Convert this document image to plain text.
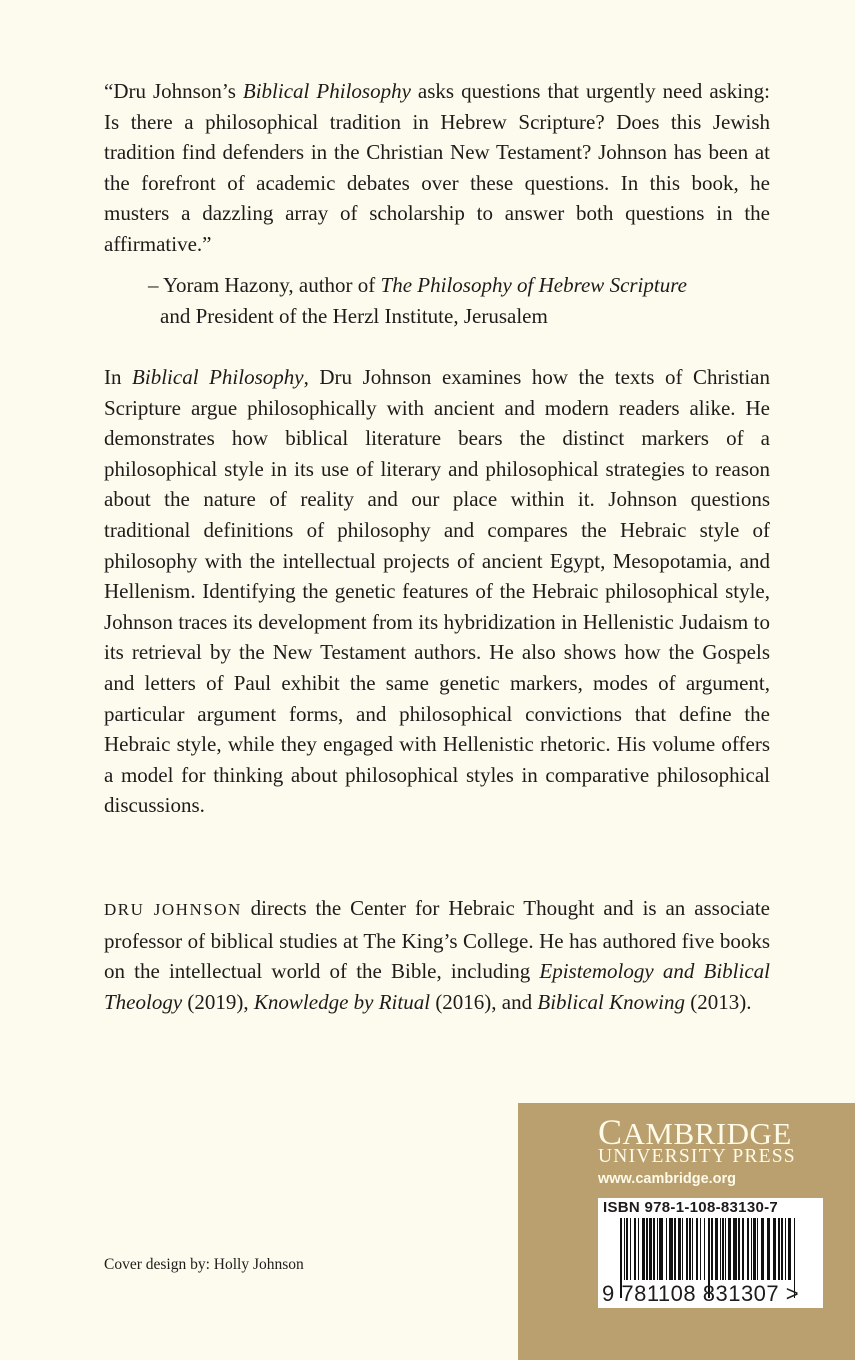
“Dru Johnson’s Biblical Philosophy asks questions that urgently need asking: Is there a philosophical tradition in Hebrew Scripture? Does this Jewish tradition find defenders in the Christian New Testament? Johnson has been at the forefront of academic debates over these questions. In this book, he musters a dazzling array of scholarship to answer both questions in the affirmative.”

– Yoram Hazony, author of The Philosophy of Hebrew Scripture
and President of the Herzl Institute, Jerusalem

In Biblical Philosophy, Dru Johnson examines how the texts of Christian Scripture argue philosophically with ancient and modern readers alike. He demonstrates how biblical literature bears the distinct markers of a philosophical style in its use of literary and philosophical strategies to reason about the nature of reality and our place within it. Johnson questions traditional definitions of philosophy and compares the Hebraic style of philosophy with the intellectual projects of ancient Egypt, Mesopotamia, and Hellenism. Identifying the genetic features of the Hebraic philosophical style, Johnson traces its development from its hybridization in Hellenistic Judaism to its retrieval by the New Testament authors. He also shows how the Gospels and letters of Paul exhibit the same genetic markers, modes of argument, particular argument forms, and philosophical convictions that define the Hebraic style, while they engaged with Hellenistic rhetoric. His volume offers a model for thinking about philosophical styles in comparative philosophical discussions.

DRU JOHNSON directs the Center for Hebraic Thought and is an associate professor of biblical studies at The King’s College. He has authored five books on the intellectual world of the Bible, including Epistemology and Biblical Theology (2019), Knowledge by Ritual (2016), and Biblical Knowing (2013).

Cover design by: Holly Johnson
CAMBRIDGE
UNIVERSITY PRESS
www.cambridge.org
ISBN 978-1-108-83130-7
9 781108 831307 >
